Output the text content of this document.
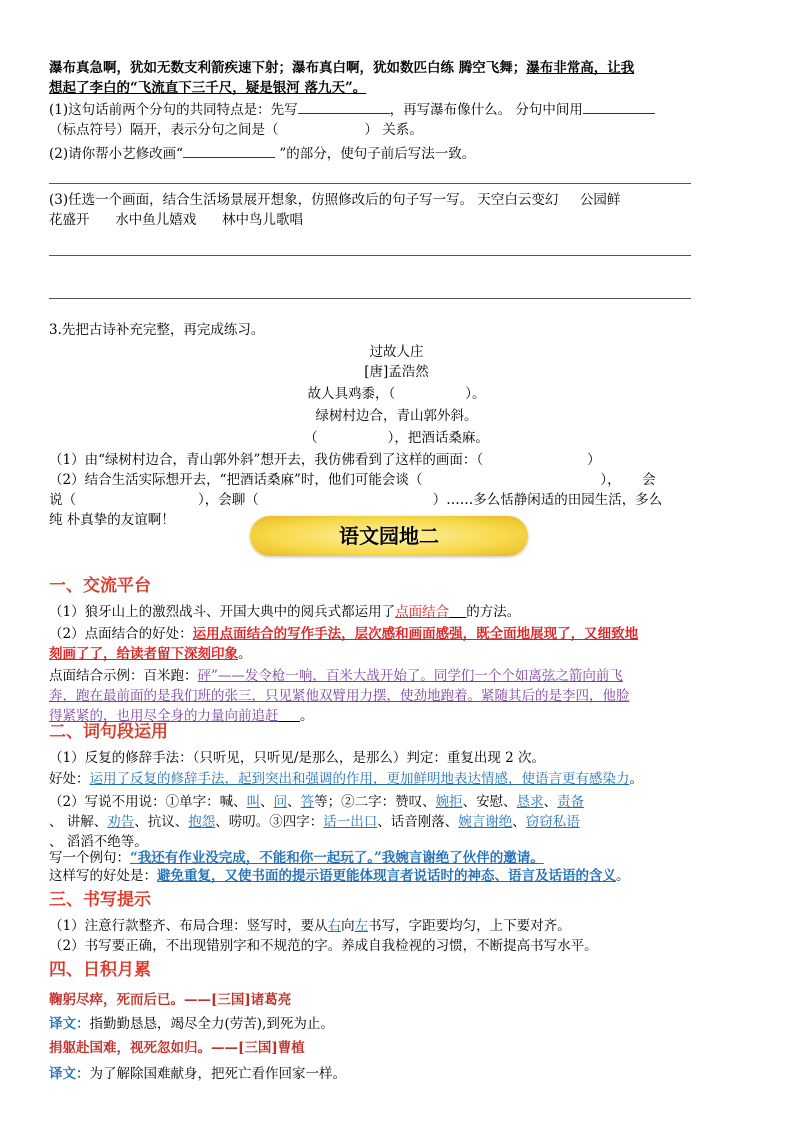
瀑布真急啊，犹如无数支利箭疾速下射；瀑布真白啊，犹如数匹白练 腾空飞舞；瀑布非常高，让我
想起了李白的“飞流直下三千尺，疑是银河 落九天”。
(1)这句话前两个分句的共同特点是：先写	，再写瀑布像什么。 分句中间用
（标点符号）隔开，表示分句之间是（	） 关系。
(2)请你帮小艺修改画“	”的部分，使句子前后写法一致。
(3)任选一个画面，结合生活场景展开想象，仿照修改后的句子写一写。 天空白云变幻 公园鲜
花盛开 水中鱼儿嬉戏 林中鸟儿歌唱
3.先把古诗补充完整，再完成练习。
过故人庄
[唐]孟浩然
故人具鸡黍，（	）。
绿树村边合，青山郭外斜。
（	），把酒话桑麻。
（1）由“绿树村边合，青山郭外斜”想开去，我仿佛看到了这样的画面：（	）
（2）结合生活实际想开去，“把酒话桑麻”时，他们可能会谈（	）， 会
说（	），会聊（	）……多么恬静闲适的田园生活，多么
纯 朴真挚的友谊啊！
语文园地二
一、交流平台
（1）狼牙山上的激烈战斗、开国大典中的阅兵式都运用了点面结合 的方法。
（2）点面结合的好处：运用点面结合的写作手法，层次感和画面感强，既全面地展现了，又细致地
刻画了了，给读者留下深刻印象。
点面结合示例：百米跑：砰”——发令枪一响，百米大战开始了。同学们一个个如离弦之箭向前飞
奔，跑在最前面的是我们班的张三，只见紧他双臂用力摆，使劲地跑着。紧随其后的是李四，他脸
得紧紧的，也用尽全身的力量向前追赶 。
二、词句段运用
（1）反复的修辞手法：（只听见，只听见/是那么，是那么）判定：重复出现 2 次。
好处：运用了反复的修辞手法，起到突出和强调的作用，更加鲜明地表达情感，使语言更有感染力。
（2）写说不用说：①单字：喊、叫、问、答等；②二字：赞叹、婉拒、安慰、恳求、责备
、 讲解、劝告、抗议、抱怨、唠叨。③四字：话一出口、话音刚落、婉言谢绝、窃窃私语
、 滔滔不绝等。
写一个例句：“我还有作业没完成，不能和你一起玩了。”我婉言谢绝了伙伴的邀请。
这样写的好处是：避免重复，又使书面的提示语更能体现言者说话时的神态、语言及话语的含义。
三、书写提示
（1）注意行款整齐、布局合理：竖写时，要从右向左书写，字距要均匀，上下要对齐。
（2）书写要正确，不出现错别字和不规范的字。养成自我检视的习惯，不断提高书写水平。
四、日积月累
鞠躬尽瘁，死而后已。——[三国]诸葛亮
译文：指勤勤恳恳，竭尽全力(劳苦),到死为止。
捐躯赴国难，视死忽如归。——[三国]曹植
译文：为了解除国难献身，把死亡看作回家一样。
